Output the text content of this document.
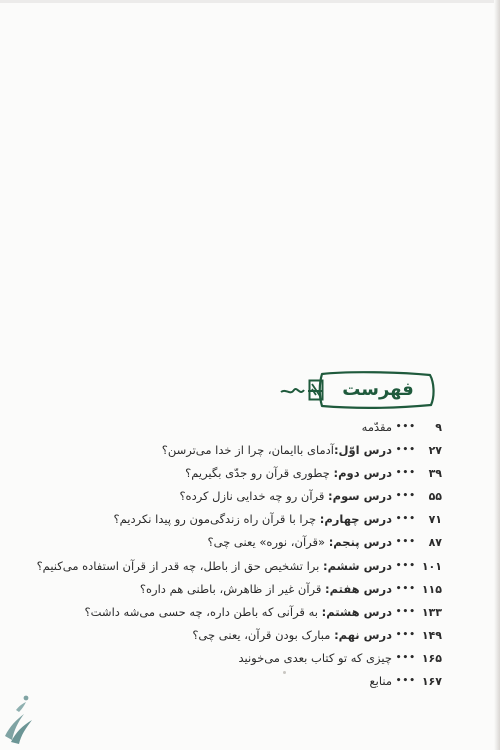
فهرست
۹
•••
مقدّمه
۲۷
•••
درس اوّل:آدمای باایمان، چرا از خدا می‌ترسن؟
۳۹
•••
درس دوم: چطوری قرآن رو جدّی بگیریم؟
۵۵
•••
درس سوم: قرآن رو چه خدایی نازل کرده؟
۷۱
•••
درس چهارم: چرا با قرآن راه زندگی‌مون رو پیدا نکردیم؟
۸۷
•••
درس پنجم: «قرآن، نوره» یعنی چی؟
۱۰۱
•••
درس ششم: برا تشخیص حق از باطل، چه قدر از قرآن استفاده می‌کنیم؟
۱۱۵
•••
درس هفتم: قرآن غیر از ظاهرش، باطنی هم داره؟
۱۳۳
•••
درس هشتم: به قرآنی که باطن داره، چه حسی می‌شه داشت؟
۱۴۹
•••
درس نهم: مبارک بودن قرآن، یعنی چی؟
۱۶۵
•••
چیزی که تو کتاب بعدی می‌خونید
۱۶۷
•••
منابع
